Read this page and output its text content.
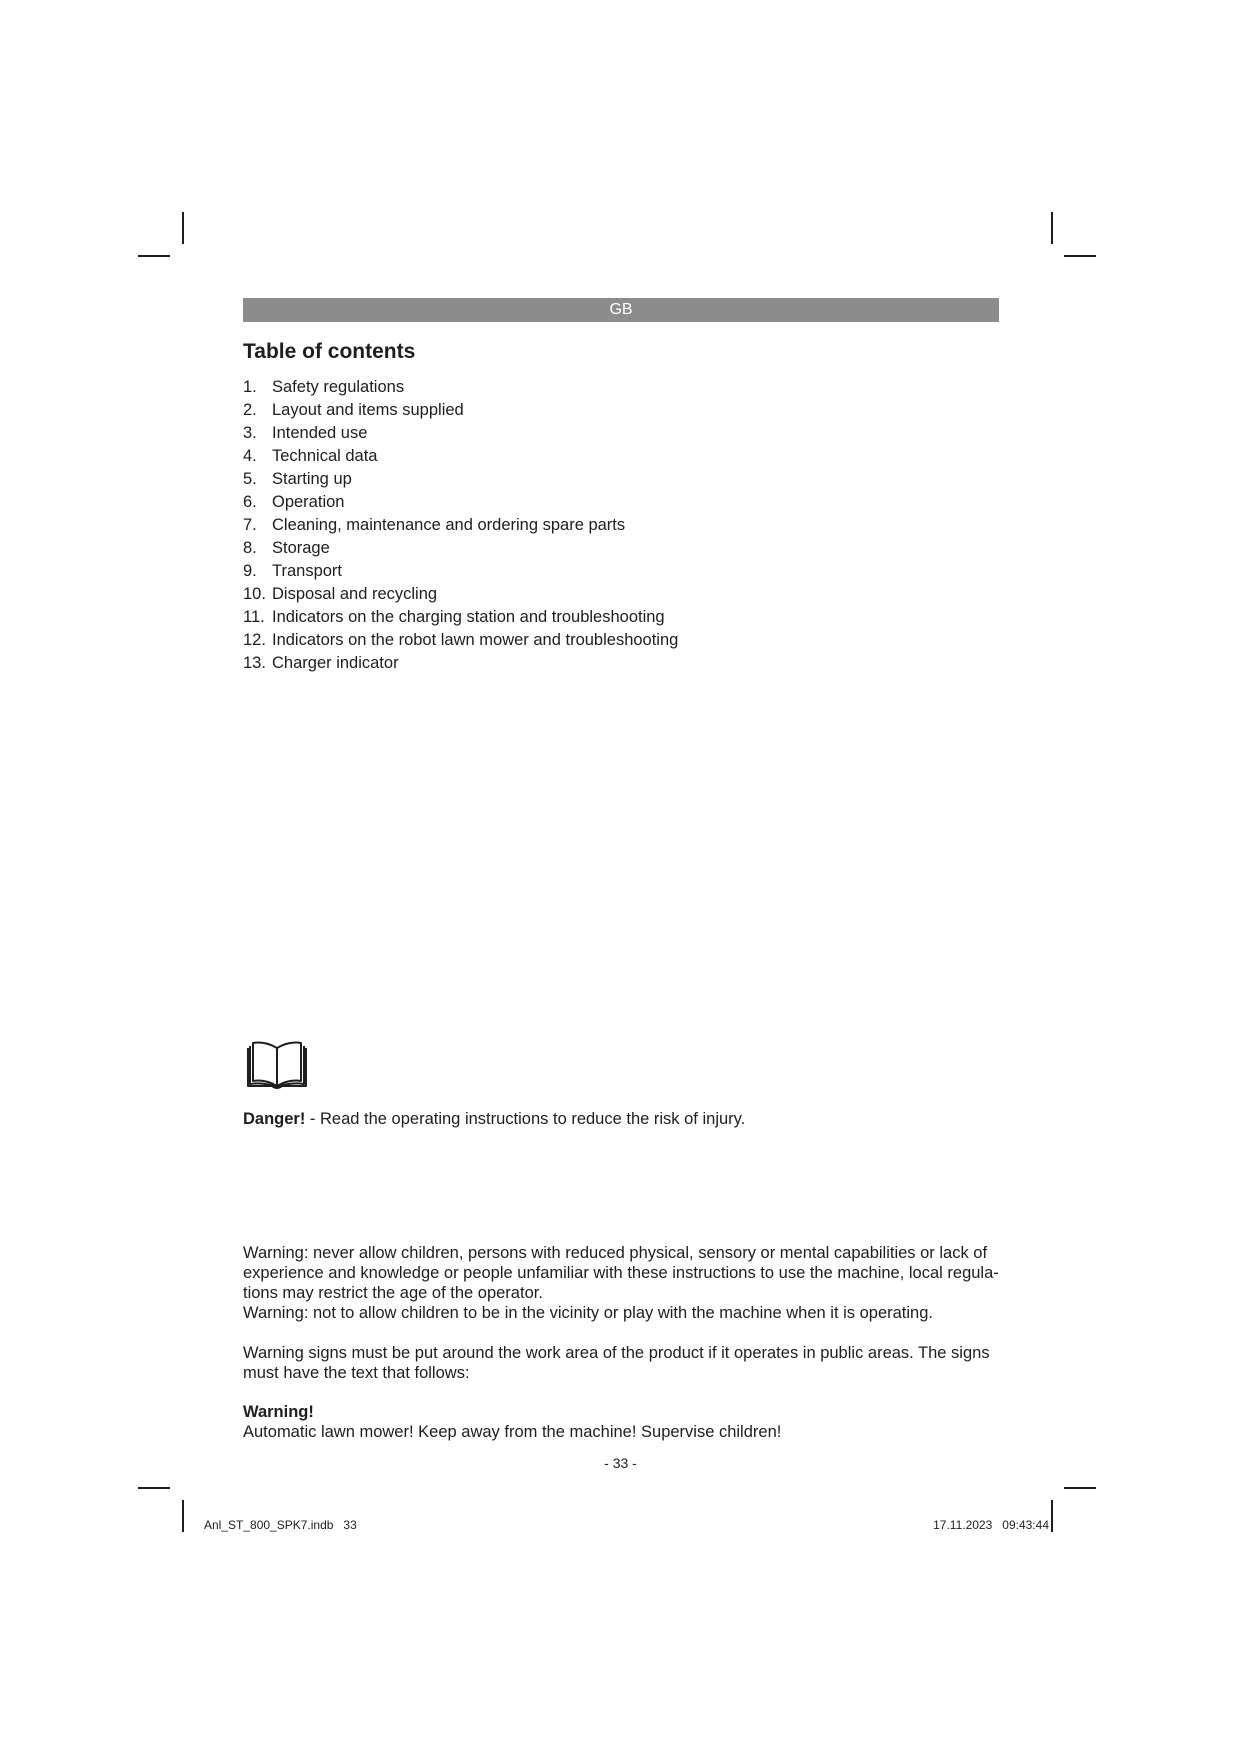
GB
Table of contents
1. Safety regulations
2. Layout and items supplied
3. Intended use
4. Technical data
5. Starting up
6. Operation
7. Cleaning, maintenance and ordering spare parts
8. Storage
9. Transport
10. Disposal and recycling
11. Indicators on the charging station and troubleshooting
12. Indicators on the robot lawn mower and troubleshooting
13. Charger indicator

Danger! - Read the operating instructions to reduce the risk of injury.

Warning: never allow children, persons with reduced physical, sensory or mental capabilities or lack of experience and knowledge or people unfamiliar with these instructions to use the machine, local regula-tions may restrict the age of the operator.

Warning: not to allow children to be in the vicinity or play with the machine when it is operating.

Warning signs must be put around the work area of the product if it operates in public areas. The signs must have the text that follows:

Warning!

Automatic lawn mower! Keep away from the machine! Supervise children!

- 33 -
Anl_ST_800_SPK7.indb   33	17.11.2023   09:43:44
